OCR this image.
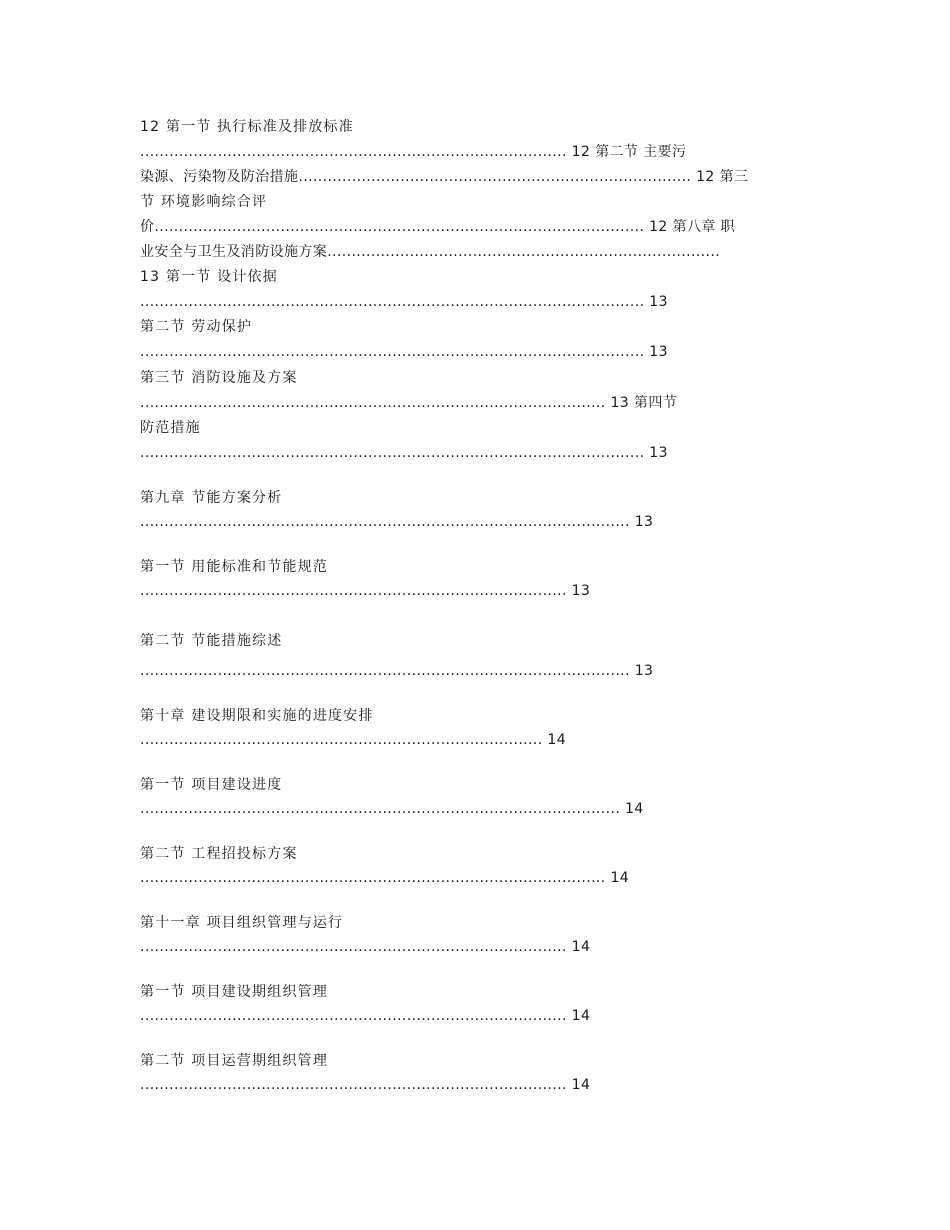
12 第一节 执行标准及排放标准
........................................................................................ 12 第二节 主要污
染源、污染物及防治措施................................................................................. 12 第三
节 环境影响综合评
价..................................................................................................... 12 第八章 职
业安全与卫生及消防设施方案.................................................................................
13 第一节 设计依据
........................................................................................................ 13
第二节 劳动保护
........................................................................................................ 13
第三节 消防设施及方案
................................................................................................ 13 第四节
防范措施
........................................................................................................ 13
第九章 节能方案分析
..................................................................................................... 13
第一节 用能标准和节能规范
........................................................................................ 13
第二节 节能措施综述
..................................................................................................... 13
第十章 建设期限和实施的进度安排
................................................................................... 14
第一节 项目建设进度
................................................................................................... 14
第二节 工程招投标方案
................................................................................................ 14
第十一章 项目组织管理与运行
........................................................................................ 14
第一节 项目建设期组织管理
........................................................................................ 14
第二节 项目运营期组织管理
........................................................................................ 14
